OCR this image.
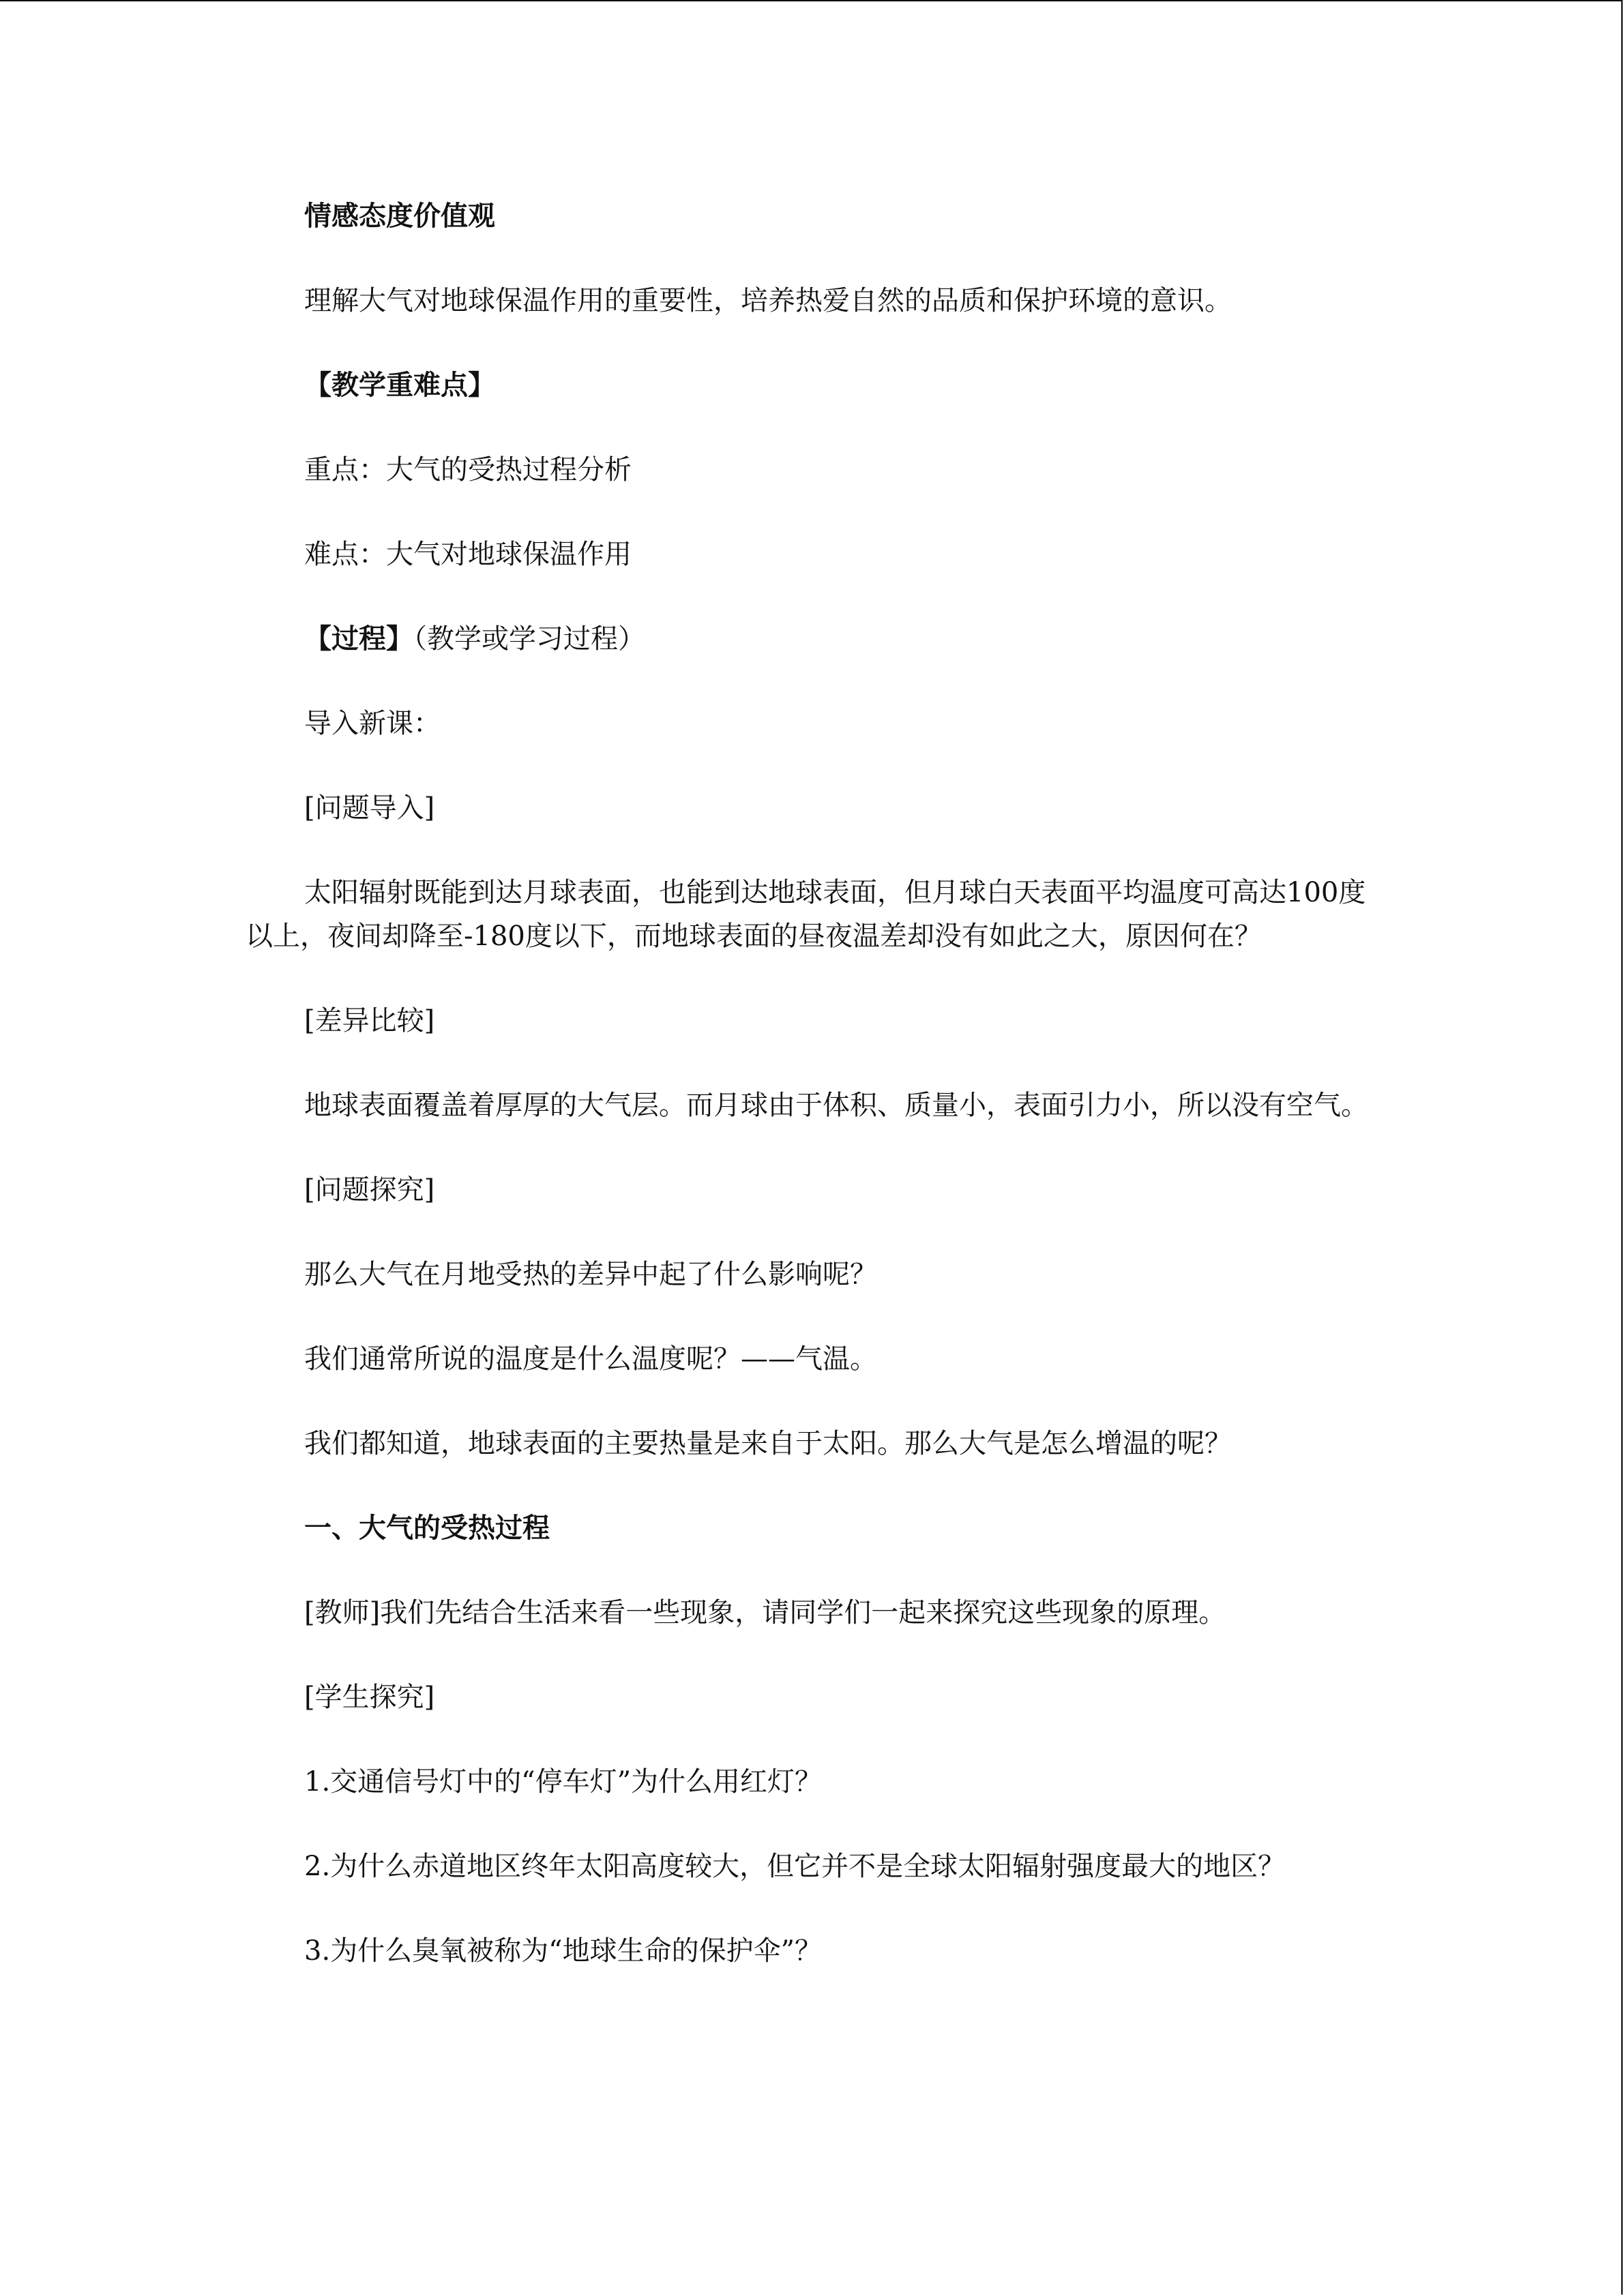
情感态度价值观

理解大气对地球保温作用的重要性，培养热爱自然的品质和保护环境的意识。

【教学重难点】

重点：大气的受热过程分析

难点：大气对地球保温作用

【过程】（教学或学习过程）

导入新课：

[问题导入]

太阳辐射既能到达月球表面，也能到达地球表面，但月球白天表面平均温度可高达100度以上，夜间却降至-180度以下，而地球表面的昼夜温差却没有如此之大，原因何在？

[差异比较]

地球表面覆盖着厚厚的大气层。而月球由于体积、质量小，表面引力小，所以没有空气。

[问题探究]

那么大气在月地受热的差异中起了什么影响呢？

我们通常所说的温度是什么温度呢？——气温。

我们都知道，地球表面的主要热量是来自于太阳。那么大气是怎么增温的呢？

一、大气的受热过程

[教师]我们先结合生活来看一些现象，请同学们一起来探究这些现象的原理。

[学生探究]

1.交通信号灯中的“停车灯”为什么用红灯？

2.为什么赤道地区终年太阳高度较大，但它并不是全球太阳辐射强度最大的地区？

3.为什么臭氧被称为“地球生命的保护伞”？
